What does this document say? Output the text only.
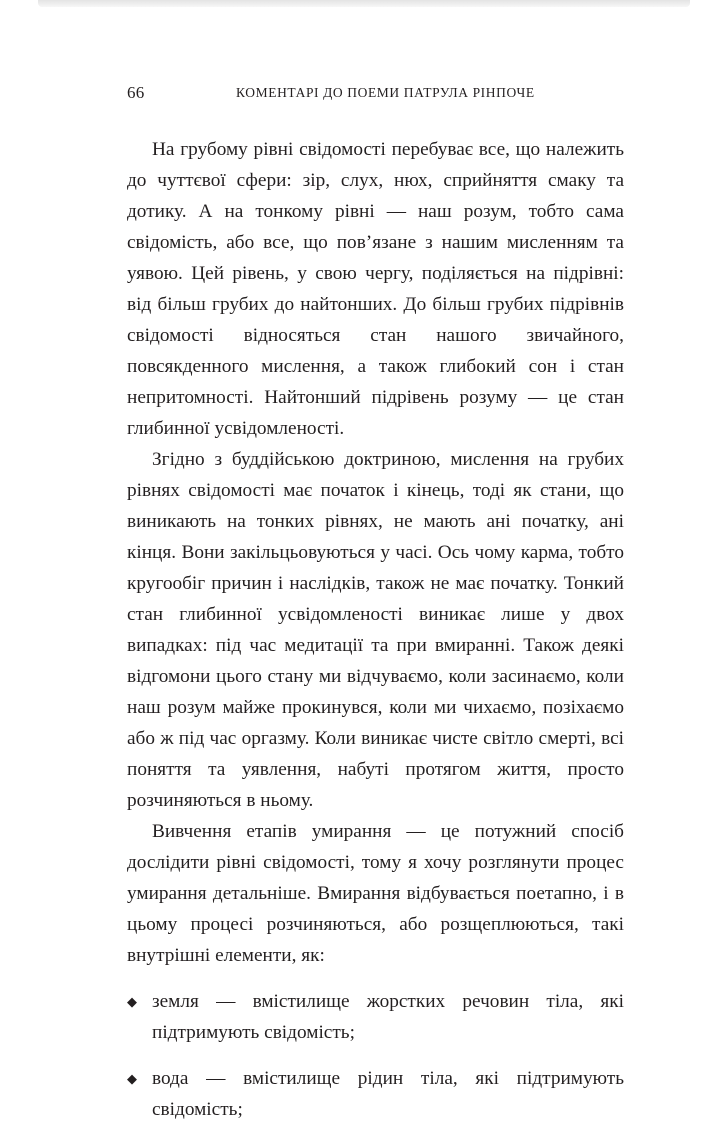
66	КОМЕНТАРІ ДО ПОЕМИ ПАТРУЛА РІНПОЧЕ

На грубому рівні свідомості перебуває все, що належить до чуттєвої сфери: зір, слух, нюх, сприйняття смаку та дотику. А на тонкому рівні — наш розум, тобто сама свідомість, або все, що пов’язане з нашим мисленням та уявою. Цей рівень, у свою чергу, поділяється на підрівні: від більш грубих до найтонших. До більш грубих підрівнів свідомості відносяться стан нашого звичайного, повсякденного мислення, а також глибокий сон і стан непритомності. Найтонший підрівень розуму — це стан глибинної усвідомленості.

Згідно з буддійською доктриною, мислення на грубих рівнях свідомості має початок і кінець, тоді як стани, що виникають на тонких рівнях, не мають ані початку, ані кінця. Вони закільцьовуються у часі. Ось чому карма, тобто кругообіг причин і наслідків, також не має початку. Тонкий стан глибинної усвідомленості виникає лише у двох випадках: під час медитації та при вмиранні. Також деякі відгомони цього стану ми відчуваємо, коли засинаємо, коли наш розум майже прокинувся, коли ми чихаємо, позіхаємо або ж під час оргазму. Коли виникає чисте світло смерті, всі поняття та уявлення, набуті протягом життя, просто розчиняються в ньому.

Вивчення етапів умирання — це потужний спосіб дослідити рівні свідомості, тому я хочу розглянути процес умирання детальніше. Вмирання відбувається поетапно, і в цьому процесі розчиняються, або розщеплюються, такі внутрішні елементи, як:

◆ земля — вмістилище жорстких речовин тіла, які підтримують свідомість;
◆ вода — вмістилище рідин тіла, які підтримують свідомість;
